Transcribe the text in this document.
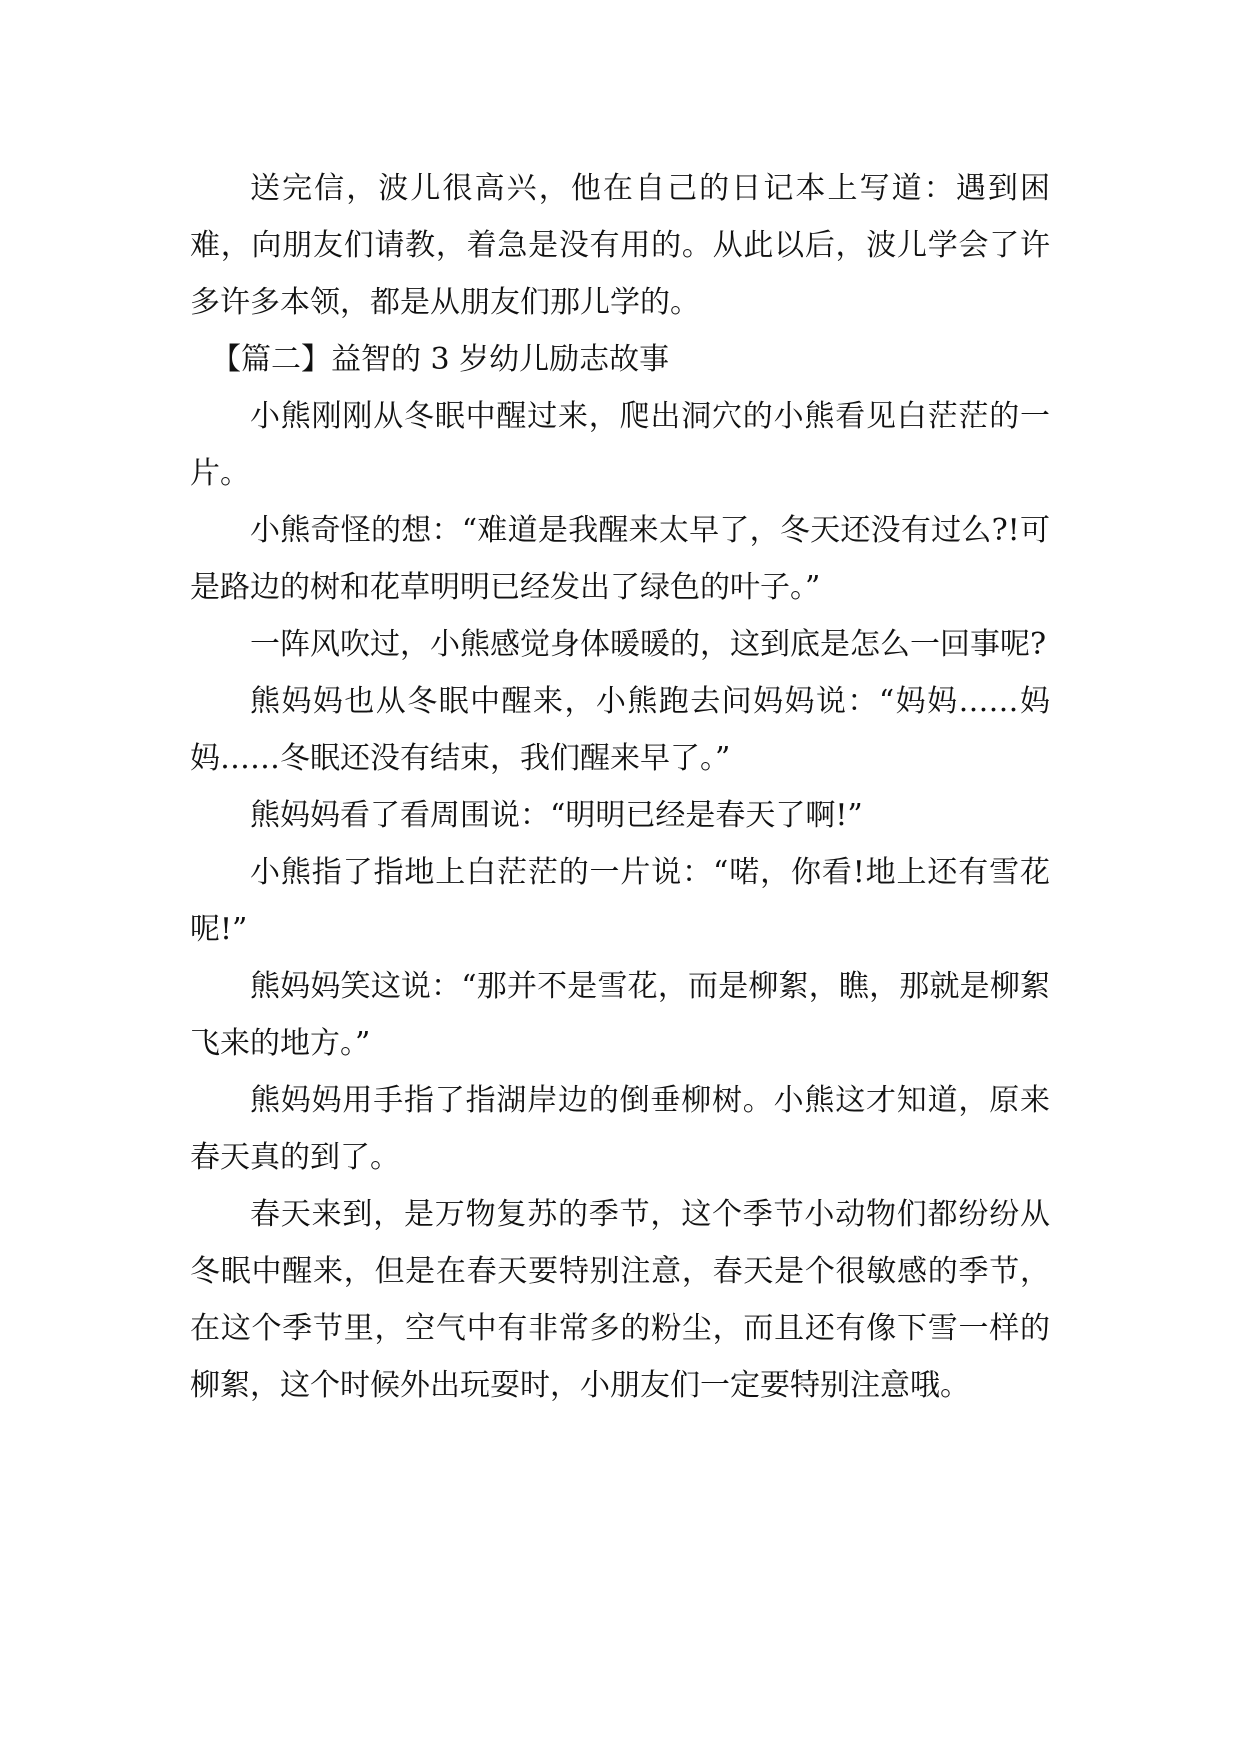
送完信，波儿很高兴，他在自己的日记本上写道：遇到困难，向朋友们请教，着急是没有用的。从此以后，波儿学会了许多许多本领，都是从朋友们那儿学的。

【篇二】益智的 3 岁幼儿励志故事

小熊刚刚从冬眠中醒过来，爬出洞穴的小熊看见白茫茫的一片。

小熊奇怪的想：“难道是我醒来太早了，冬天还没有过么?!可是路边的树和花草明明已经发出了绿色的叶子。”

一阵风吹过，小熊感觉身体暖暖的，这到底是怎么一回事呢?

熊妈妈也从冬眠中醒来，小熊跑去问妈妈说：“妈妈……妈妈……冬眠还没有结束，我们醒来早了。”

熊妈妈看了看周围说：“明明已经是春天了啊!”

小熊指了指地上白茫茫的一片说：“喏，你看!地上还有雪花呢!”

熊妈妈笑这说：“那并不是雪花，而是柳絮，瞧，那就是柳絮飞来的地方。”

熊妈妈用手指了指湖岸边的倒垂柳树。小熊这才知道，原来春天真的到了。

春天来到，是万物复苏的季节，这个季节小动物们都纷纷从冬眠中醒来，但是在春天要特别注意，春天是个很敏感的季节，在这个季节里，空气中有非常多的粉尘，而且还有像下雪一样的柳絮，这个时候外出玩耍时，小朋友们一定要特别注意哦。
